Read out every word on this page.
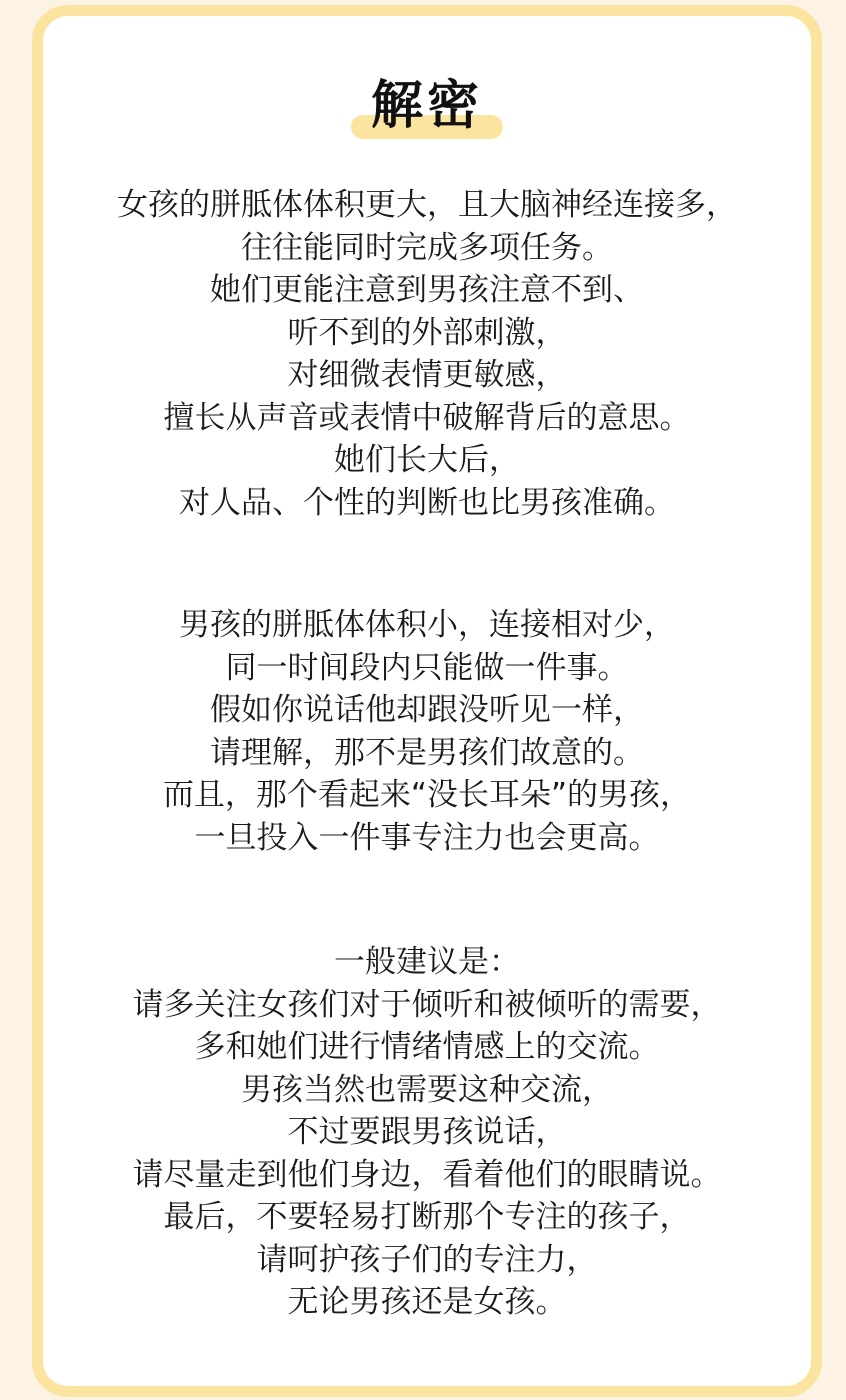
解密
女孩的胼胝体体积更大，且大脑神经连接多，
往往能同时完成多项任务。
她们更能注意到男孩注意不到、
听不到的外部刺激，
对细微表情更敏感，
擅长从声音或表情中破解背后的意思。
她们长大后，
对人品、个性的判断也比男孩准确。
男孩的胼胝体体积小，连接相对少，
同一时间段内只能做一件事。
假如你说话他却跟没听见一样，
请理解，那不是男孩们故意的。
而且，那个看起来“没长耳朵”的男孩，
一旦投入一件事专注力也会更高。
一般建议是：
请多关注女孩们对于倾听和被倾听的需要，
多和她们进行情绪情感上的交流。
男孩当然也需要这种交流，
不过要跟男孩说话，
请尽量走到他们身边，看着他们的眼睛说。
最后，不要轻易打断那个专注的孩子，
请呵护孩子们的专注力，
无论男孩还是女孩。
